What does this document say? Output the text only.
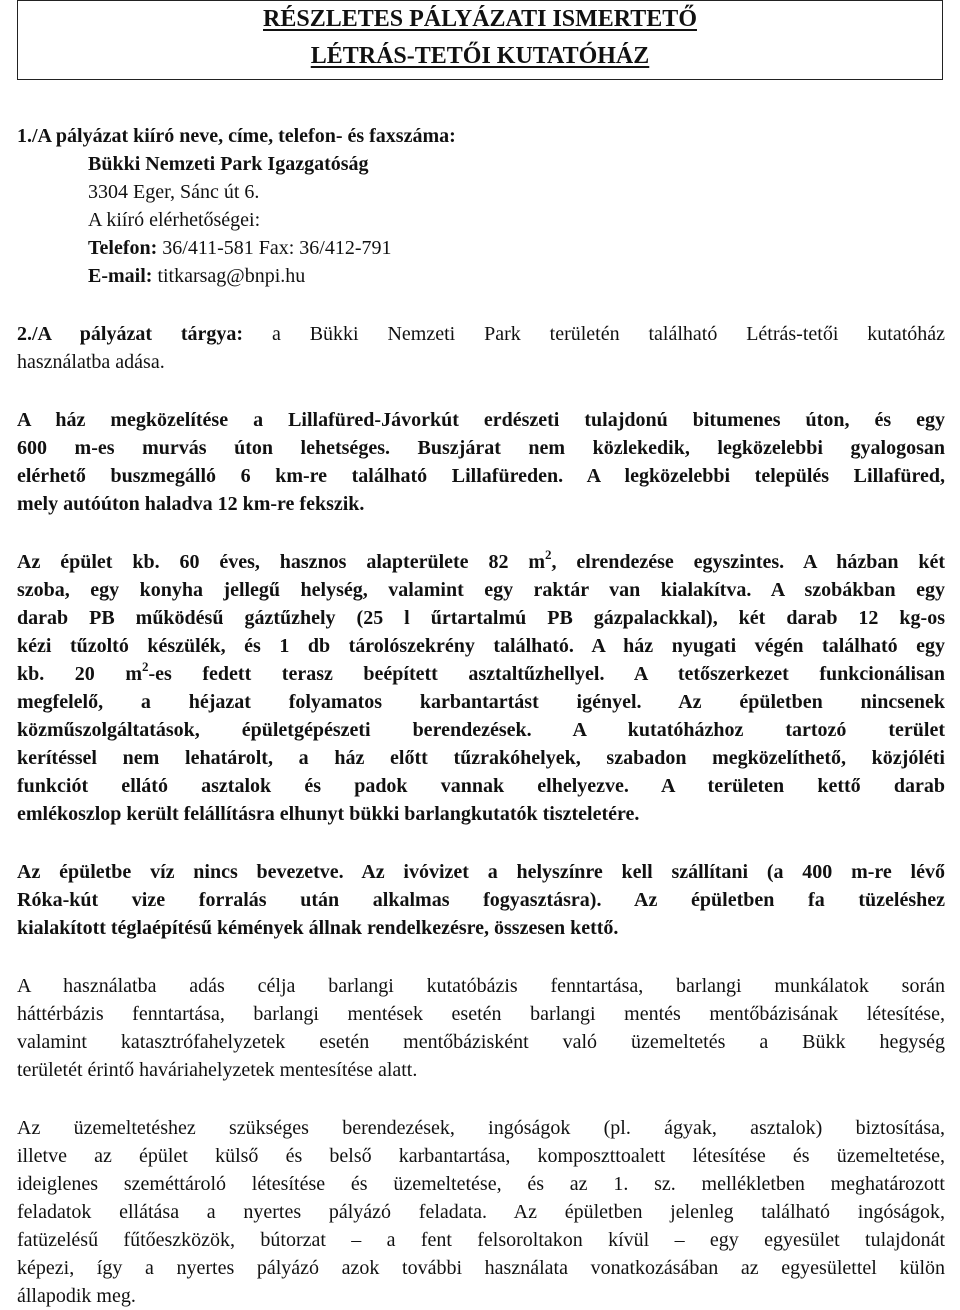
RÉSZLETES PÁLYÁZATI ISMERTETŐ
LÉTRÁS-TETŐI KUTATÓHÁZ
1./A pályázat kiíró neve, címe, telefon- és faxszáma:
Bükki Nemzeti Park Igazgatóság
3304 Eger, Sánc út 6.
A kiíró elérhetőségei:
Telefon: 36/411-581 Fax: 36/412-791
E-mail: titkarsag@bnpi.hu
2./A pályázat tárgya: a Bükki Nemzeti Park területén található Létrás-tetői kutatóház
használatba adása.
A ház megközelítése a Lillafüred-Jávorkút erdészeti tulajdonú bitumenes úton, és egy
600 m-es murvás úton lehetséges. Buszjárat nem közlekedik, legközelebbi gyalogosan
elérhető buszmegálló 6 km-re található Lillafüreden. A legközelebbi település Lillafüred,
mely autóúton haladva 12 km-re fekszik.
Az épület kb. 60 éves, hasznos alapterülete 82 $m^2$, elrendezése egyszintes. A házban két
szoba, egy konyha jellegű helység, valamint egy raktár van kialakítva. A szobákban egy
darab PB működésű gáztűzhely (25 l űrtartalmú PB gázpalackkal), két darab 12 kg-os
kézi tűzoltó készülék, és 1 db tárolószekrény található. A ház nyugati végén található egy
kb. 20 $m^2-es$ fedett terasz beépített asztaltűzhellyel. A tetőszerkezet funkcionálisan
megfelelő, a héjazat folyamatos karbantartást igényel. Az épületben nincsenek
közműszolgáltatások, épületgépészeti berendezések. A kutatóházhoz tartozó terület
kerítéssel nem lehatárolt, a ház előtt tűzrakóhelyek, szabadon megközelíthető, közjóléti
funkciót ellátó asztalok és padok vannak elhelyezve. A területen kettő darab
emlékoszlop került felállításra elhunyt bükki barlangkutatók tiszteletére.
Az épületbe víz nincs bevezetve. Az ivóvizet a helyszínre kell szállítani (a 400 m-re lévő
Róka-kút vize forralás után alkalmas fogyasztásra). Az épületben fa tüzeléshez
kialakított téglaépítésű kémények állnak rendelkezésre, összesen kettő.
A használatba adás célja barlangi kutatóbázis fenntartása, barlangi munkálatok során
háttérbázis fenntartása, barlangi mentések esetén barlangi mentés mentőbázisának létesítése,
valamint katasztrófahelyzetek esetén mentőbázisként való üzemeltetés a Bükk hegység
területét érintő haváriahelyzetek mentesítése alatt.
Az üzemeltetéshez szükséges berendezések, ingóságok (pl. ágyak, asztalok) biztosítása,
illetve az épület külső és belső karbantartása, komposzttoalett létesítése és üzemeltetése,
ideiglenes szeméttároló létesítése és üzemeltetése, és az 1. sz. mellékletben meghatározott
feladatok ellátása a nyertes pályázó feladata. Az épületben jelenleg található ingóságok,
fatüzelésű fűtőeszközök, bútorzat – a fent felsoroltakon kívül – egy egyesület tulajdonát
képezi, így a nyertes pályázó azok további használata vonatkozásában az egyesülettel külön
állapodik meg.
